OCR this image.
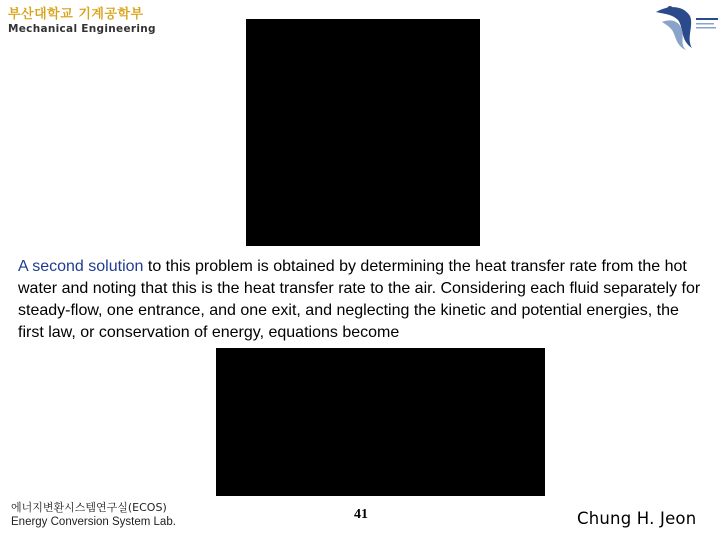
부산대학교 기계공학부
Mechanical Engineering
A second solution to this problem is obtained by determining the heat transfer rate from the hot water and noting that this is the heat transfer rate to the air. Considering each fluid separately for steady-flow, one entrance, and one exit, and neglecting the kinetic and potential energies, the first law, or conservation of energy, equations become
에너지변환시스템연구실(ECOS)
Energy Conversion System Lab.	41	Chung H. Jeon
